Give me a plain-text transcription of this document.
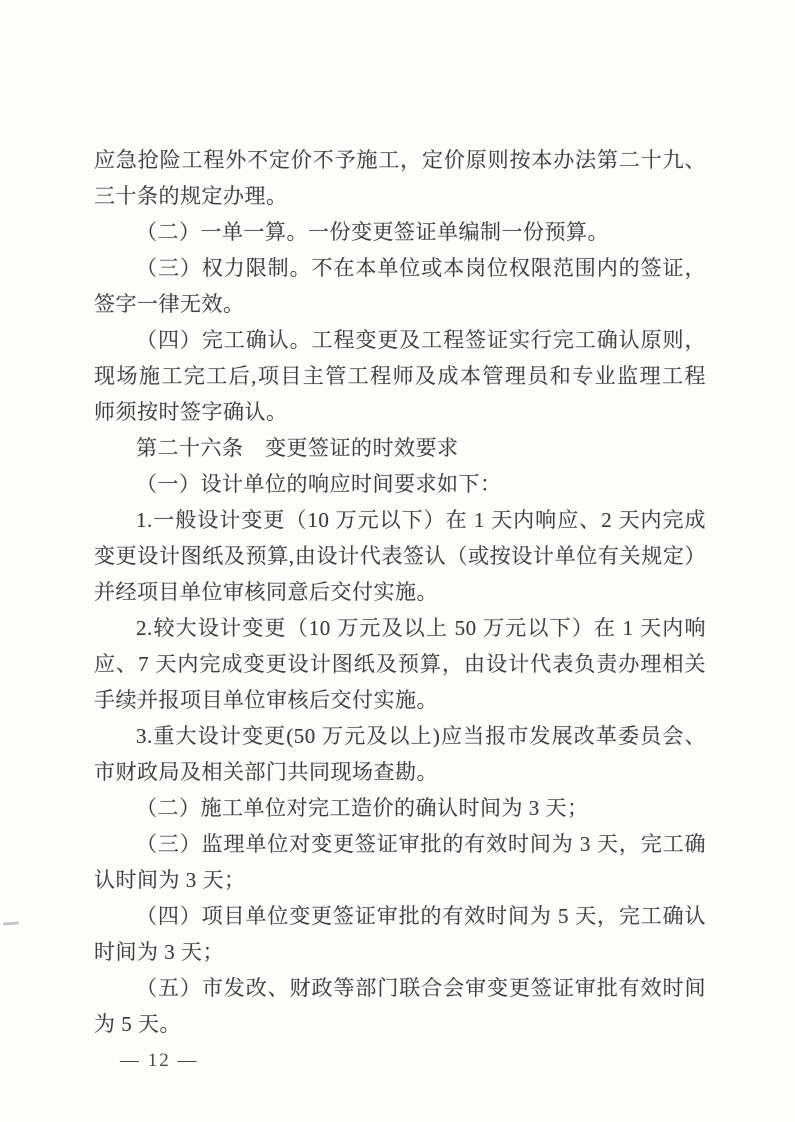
应急抢险工程外不定价不予施工，定价原则按本办法第二十九、
三十条的规定办理。
（二）一单一算。一份变更签证单编制一份预算。
（三）权力限制。不在本单位或本岗位权限范围内的签证，
签字一律无效。
（四）完工确认。工程变更及工程签证实行完工确认原则，
现场施工完工后,项目主管工程师及成本管理员和专业监理工程
师须按时签字确认。
第二十六条　变更签证的时效要求
（一）设计单位的响应时间要求如下：
1.一般设计变更（10 万元以下）在 1 天内响应、2 天内完成
变更设计图纸及预算,由设计代表签认（或按设计单位有关规定）
并经项目单位审核同意后交付实施。
2.较大设计变更（10 万元及以上 50 万元以下）在 1 天内响
应、7 天内完成变更设计图纸及预算，由设计代表负责办理相关
手续并报项目单位审核后交付实施。
3.重大设计变更(50 万元及以上)应当报市发展改革委员会、
市财政局及相关部门共同现场查勘。
（二）施工单位对完工造价的确认时间为 3 天；
（三）监理单位对变更签证审批的有效时间为 3 天，完工确
认时间为 3 天；
（四）项目单位变更签证审批的有效时间为 5 天，完工确认
时间为 3 天；
（五）市发改、财政等部门联合会审变更签证审批有效时间
为 5 天。
— 12 —
